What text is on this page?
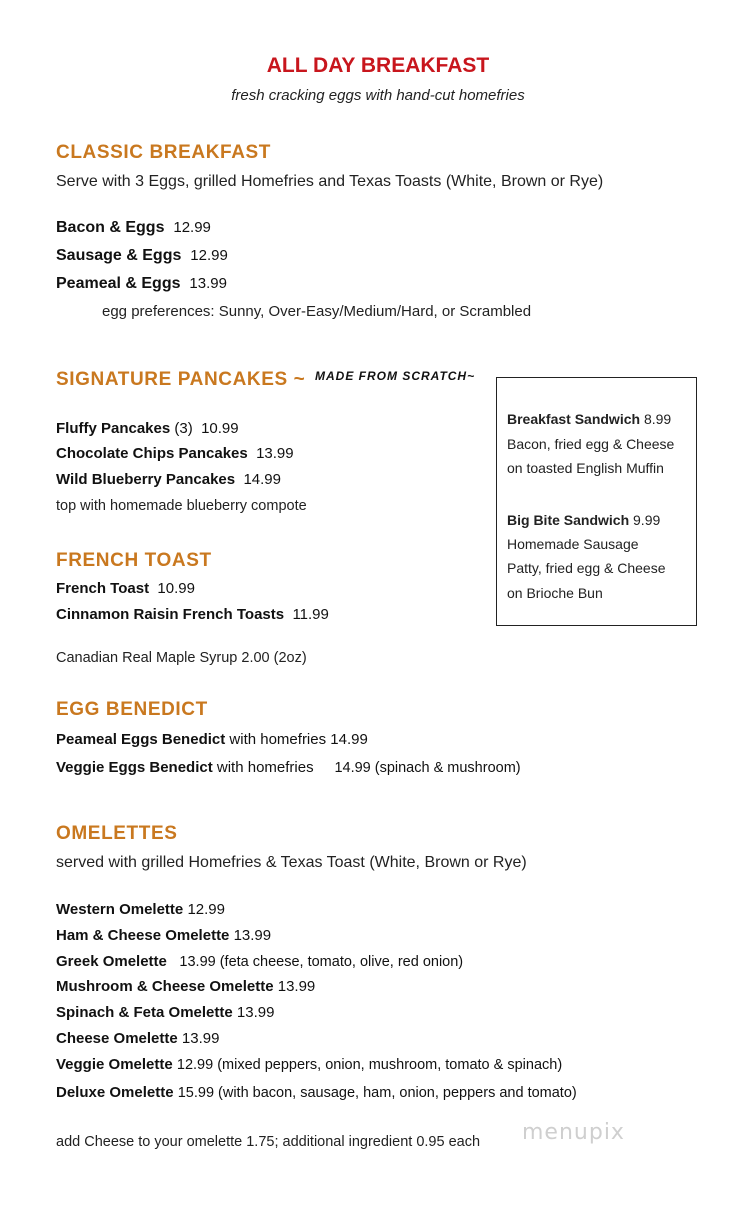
ALL DAY BREAKFAST
fresh cracking eggs with hand-cut homefries
CLASSIC BREAKFAST
Serve with 3 Eggs, grilled Homefries and Texas Toasts (White, Brown or Rye)
Bacon & Eggs 12.99
Sausage & Eggs 12.99
Peameal & Eggs 13.99
egg preferences: Sunny, Over-Easy/Medium/Hard, or Scrambled
SIGNATURE PANCAKES ~ MADE FROM SCRATCH~
Fluffy Pancakes (3) 10.99
Chocolate Chips Pancakes 13.99
Wild Blueberry Pancakes 14.99
top with homemade blueberry compote
FRENCH TOAST
French Toast 10.99
Cinnamon Raisin French Toasts 11.99
Canadian Real Maple Syrup 2.00 (2oz)
Breakfast Sandwich 8.99
Bacon, fried egg & Cheese
on toasted English Muffin
Big Bite Sandwich 9.99
Homemade Sausage
Patty, fried egg & Cheese
on Brioche Bun
EGG BENEDICT
Peameal Eggs Benedict with homefries 14.99
Veggie Eggs Benedict with homefries 14.99 (spinach & mushroom)
OMELETTES
served with grilled Homefries & Texas Toast (White, Brown or Rye)
Western Omelette 12.99
Ham & Cheese Omelette 13.99
Greek Omelette 13.99 (feta cheese, tomato, olive, red onion)
Mushroom & Cheese Omelette 13.99
Spinach & Feta Omelette 13.99
Cheese Omelette 13.99
Veggie Omelette 12.99 (mixed peppers, onion, mushroom, tomato & spinach)
Deluxe Omelette 15.99 (with bacon, sausage, ham, onion, peppers and tomato)
add Cheese to your omelette 1.75; additional ingredient 0.95 each menupix
